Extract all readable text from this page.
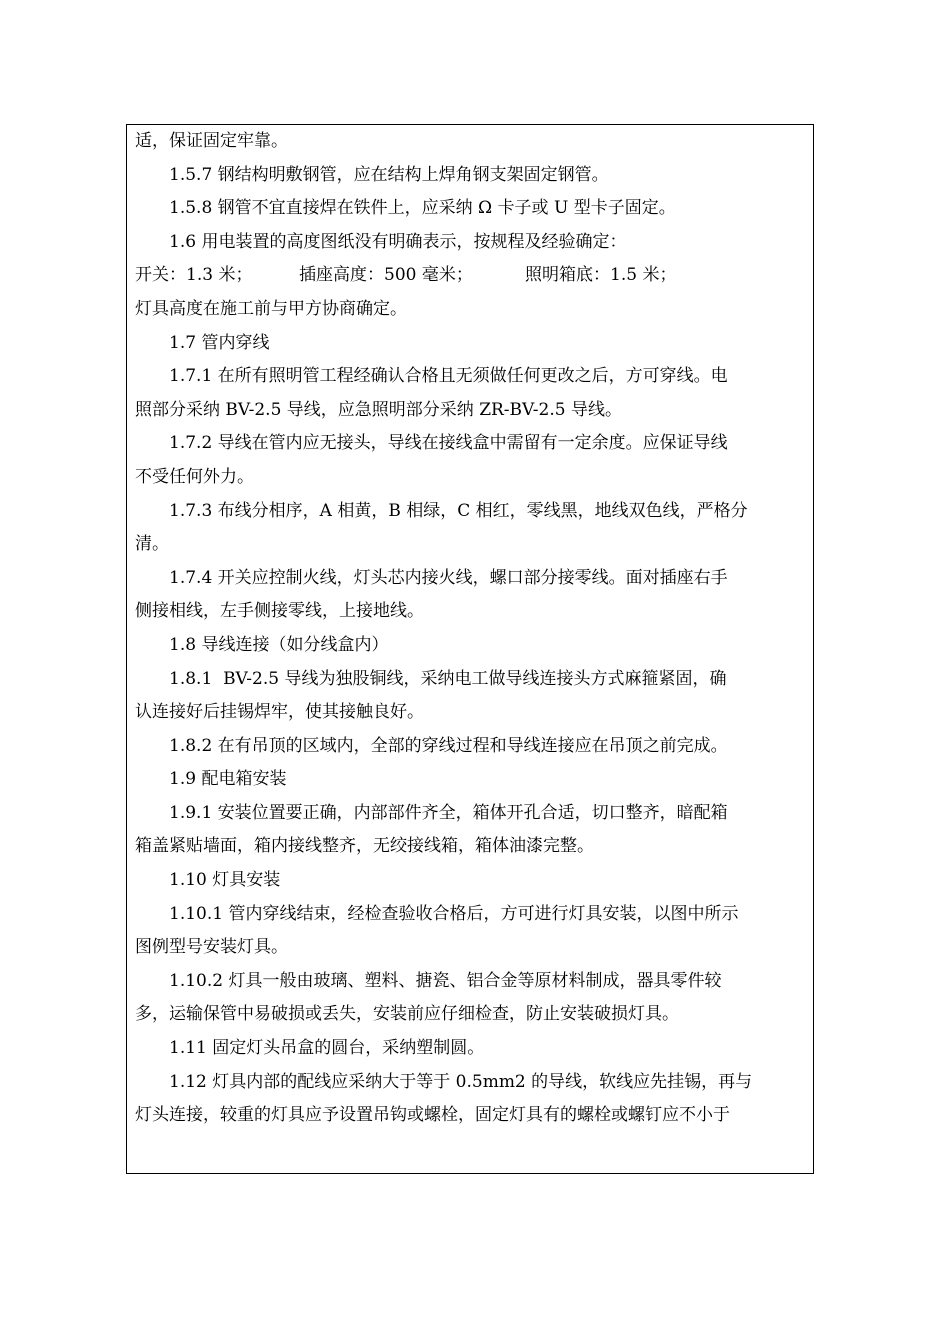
适，保证固定牢靠。
1.5.7 钢结构明敷钢管，应在结构上焊角钢支架固定钢管。
1.5.8 钢管不宜直接焊在铁件上，应采纳 Ω 卡子或 U 型卡子固定。
1.6 用电装置的高度图纸没有明确表示，按规程及经验确定：
开关：1.3 米；	插座高度：500 毫米；	照明箱底：1.5 米；
灯具高度在施工前与甲方协商确定。
1.7 管内穿线
1.7.1 在所有照明管工程经确认合格且无须做任何更改之后，方可穿线。电
照部分采纳 BV-2.5 导线，应急照明部分采纳 ZR-BV-2.5 导线。
1.7.2 导线在管内应无接头，导线在接线盒中需留有一定余度。应保证导线
不受任何外力。
1.7.3 布线分相序，A 相黄，B 相绿，C 相红，零线黑，地线双色线，严格分
清。
1.7.4 开关应控制火线，灯头芯内接火线，螺口部分接零线。面对插座右手
侧接相线，左手侧接零线，上接地线。
1.8 导线连接（如分线盒内）
1.8.1  BV-2.5 导线为独股铜线，采纳电工做导线连接头方式麻箍紧固，确
认连接好后挂锡焊牢，使其接触良好。
1.8.2 在有吊顶的区域内，全部的穿线过程和导线连接应在吊顶之前完成。
1.9 配电箱安装
1.9.1 安装位置要正确，内部部件齐全，箱体开孔合适，切口整齐，暗配箱
箱盖紧贴墙面，箱内接线整齐，无绞接线箱，箱体油漆完整。
1.10 灯具安装
1.10.1 管内穿线结束，经检查验收合格后，方可进行灯具安装，以图中所示
图例型号安装灯具。
1.10.2 灯具一般由玻璃、塑料、搪瓷、铝合金等原材料制成，器具零件较
多，运输保管中易破损或丢失，安装前应仔细检查，防止安装破损灯具。
1.11 固定灯头吊盒的圆台，采纳塑制圆。
1.12 灯具内部的配线应采纳大于等于 0.5mm2 的导线，软线应先挂锡，再与
灯头连接，较重的灯具应予设置吊钩或螺栓，固定灯具有的螺栓或螺钉应不小于
